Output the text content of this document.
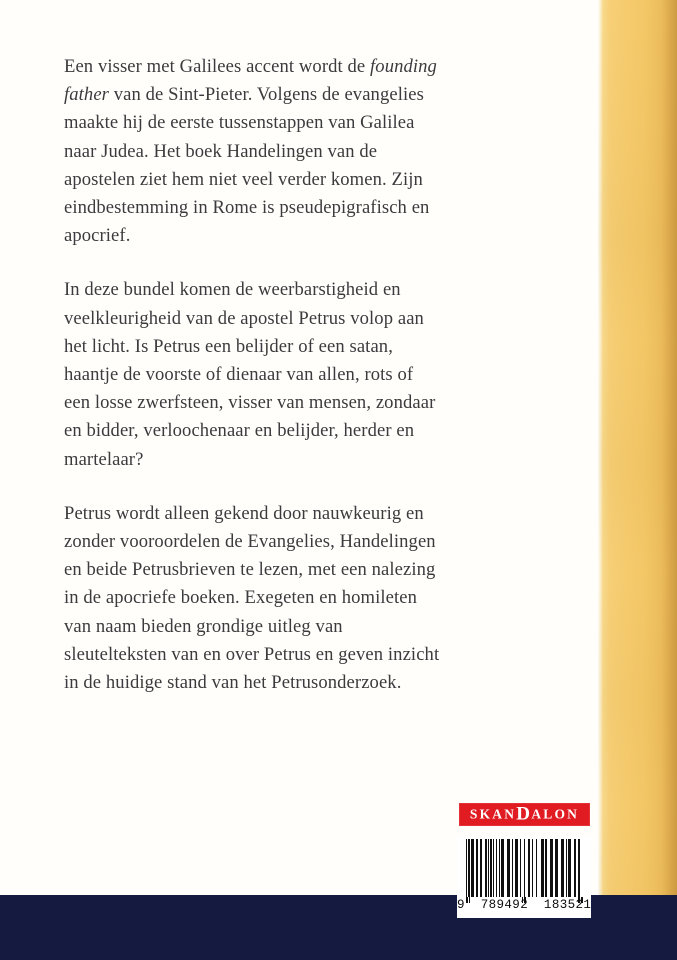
Een visser met Galilees accent wordt de founding father van de Sint-Pieter. Volgens de evangelies maakte hij de eerste tussenstappen van Galilea naar Judea. Het boek Handelingen van de apostelen ziet hem niet veel verder komen. Zijn eindbestemming in Rome is pseudepigrafisch en apocrief.

In deze bundel komen de weerbarstigheid en veelkleurigheid van de apostel Petrus volop aan het licht. Is Petrus een belijder of een satan, haantje de voorste of dienaar van allen, rots of een losse zwerfsteen, visser van mensen, zondaar en bidder, verloochenaar en belijder, herder en martelaar?

Petrus wordt alleen gekend door nauwkeurig en zonder vooroordelen de Evangelies, Handelingen en beide Petrusbrieven te lezen, met een nalezing in de apocriefe boeken. Exegeten en homileten van naam bieden grondige uitleg van sleutelteksten van en over Petrus en geven inzicht in de huidige stand van het Petrusonderzoek.

SKANDALON
9  789492  183521
